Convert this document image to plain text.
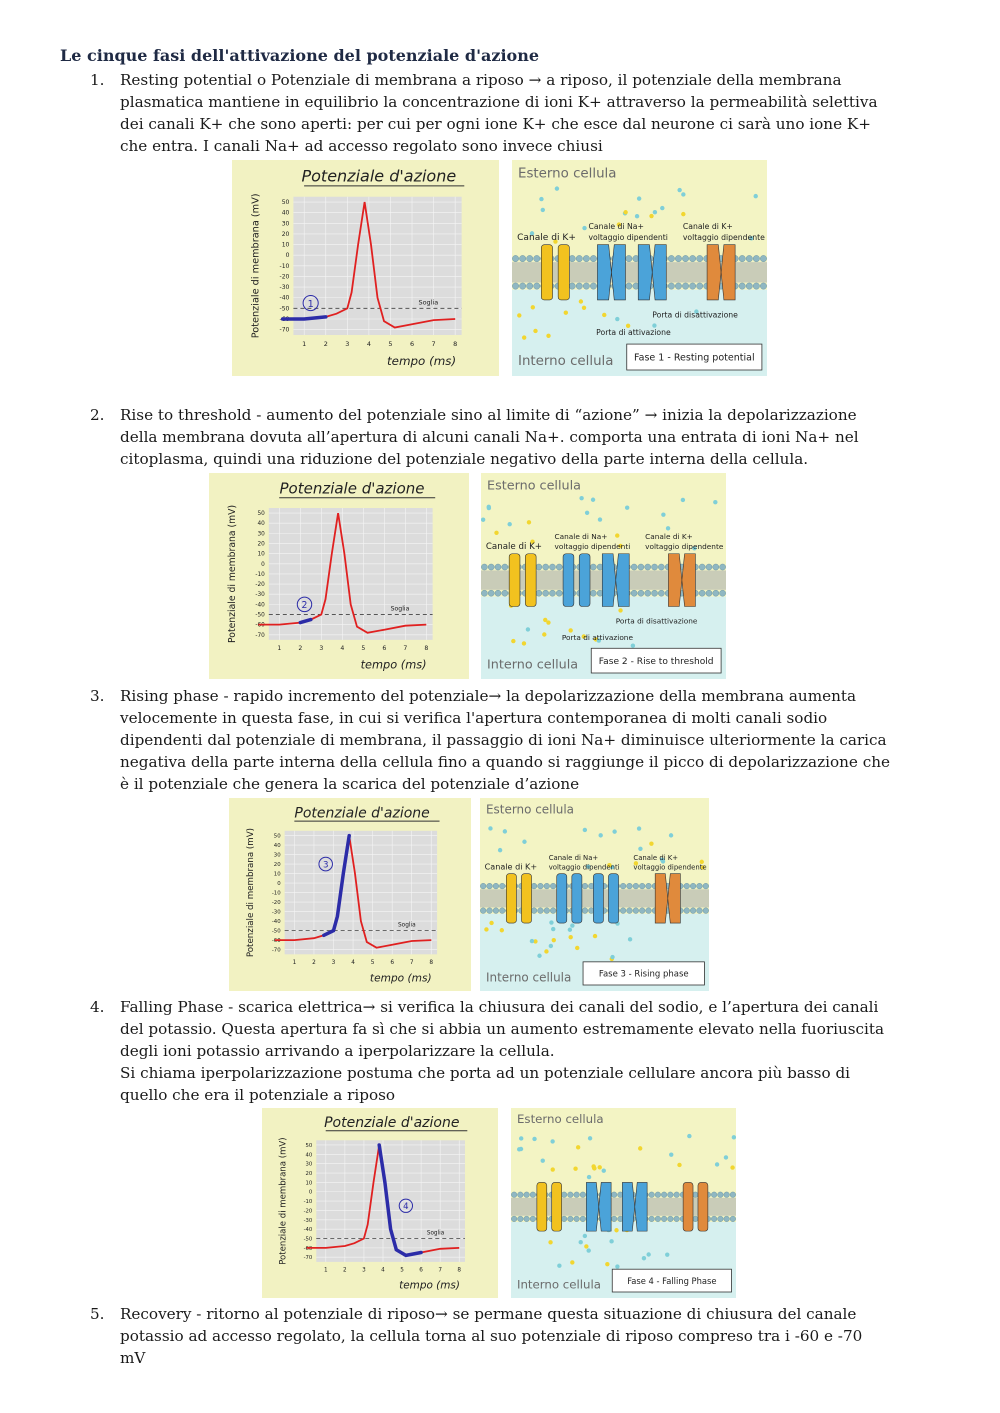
Le cinque fasi dell'attivazione del potenziale d'azione
1. Resting potential o Potenziale di membrana a riposo → a riposo, il potenziale della membrana plasmatica mantiene in equilibrio la concentrazione di ioni K+ attraverso la permeabilità selettiva dei canali K+ che sono aperti: per cui per ogni ione K+ che esce dal neurone ci sarà uno ione K+ che entra. I canali Na+ ad accesso regolato sono invece chiusi

2. Rise to threshold - aumento del potenziale sino al limite di “azione” → inizia la depolarizzazione della membrana dovuta all’apertura di alcuni canali Na+. comporta una entrata di ioni Na+ nel citoplasma, quindi una riduzione del potenziale negativo della parte interna della cellula.

3. Rising phase - rapido incremento del potenziale→ la depolarizzazione della membrana aumenta velocemente in questa fase, in cui si verifica l'apertura contemporanea di molti canali sodio dipendenti dal potenziale di membrana, il passaggio di ioni Na+ diminuisce ulteriormente la carica negativa della parte interna della cellula fino a quando si raggiunge il picco di depolarizzazione che è il potenziale che genera la scarica del potenziale d’azione

4. Falling Phase - scarica elettrica→ si verifica la chiusura dei canali del sodio, e l’apertura dei canali del potassio. Questa apertura fa sì che si abbia un aumento estremamente elevato nella fuoriuscita degli ioni potassio arrivando a iperpolarizzare la cellula.

Si chiama iperpolarizzazione postuma che porta ad un potenziale cellulare ancora più basso di quello che era il potenziale a riposo

5. Recovery - ritorno al potenziale di riposo→ se permane questa situazione di chiusura del canale potassio ad accesso regolato, la cellula torna al suo potenziale di riposo compreso tra i -60 e -70 mV

Potenziale d'azione
50
40
30
20
10
0
-10
-20
-30
-40
-50
-60
-70
1	2	3	4	5	6	7	8
Potenziale di membrana (mV)
tempo (ms)
Soglia
1
Esterno cellula
Interno cellula
Canale di K+
Canale di Na+
voltaggio dipendenti
Canale di K+
voltaggio dipendente
Porta di disattivazione
Porta di attivazione
Fase 1 - Resting potential
Potenziale d'azione
50
40
30
20
10
0
-10
-20
-30
-40
-50
-60
-70
1	2	3	4	5	6	7	8
Potenziale di membrana (mV)
tempo (ms)
Soglia
2
Esterno cellula
Interno cellula
Canale di K+
Canale di Na+
voltaggio dipendenti
Canale di K+
voltaggio dipendente
Porta di disattivazione
Porta di attivazione
Fase 2 - Rise to threshold
Potenziale d'azione
50
40
30
20
10
0
-10
-20
-30
-40
-50
-60
-70
1	2	3	4	5	6	7	8
Potenziale di membrana (mV)
tempo (ms)
Soglia
3
Esterno cellula
Interno cellula
Canale di K+
Canale di Na+
voltaggio dipendenti
Canale di K+
voltaggio dipendente
Fase 3 - Rising phase
Potenziale d'azione
50
40
30
20
10
0
-10
-20
-30
-40
-50
-60
-70
1	2	3	4	5	6	7	8
Potenziale di membrana (mV)
tempo (ms)
Soglia
4
Esterno cellula
Interno cellula	Fase 4 - Falling Phase
